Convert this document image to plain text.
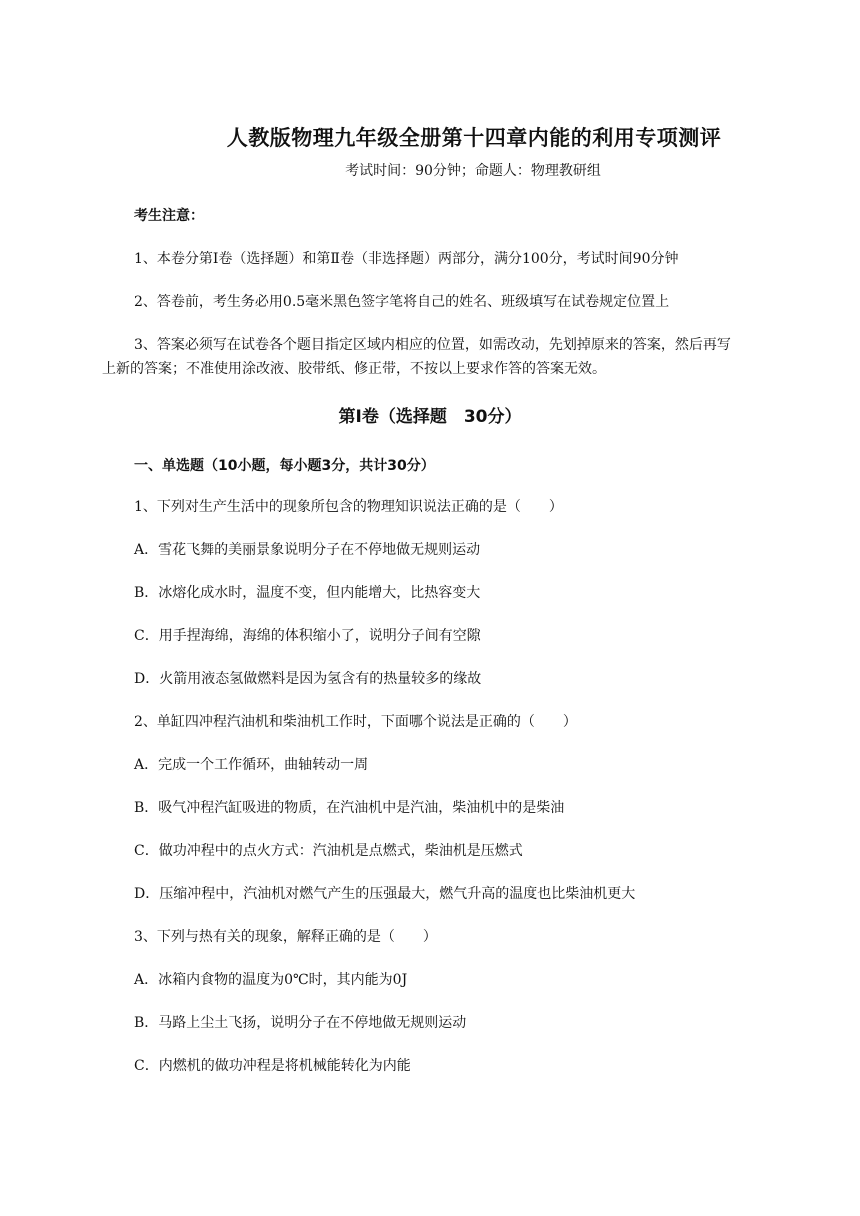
人教版物理九年级全册第十四章内能的利用专项测评
考试时间：90分钟；命题人：物理教研组
考生注意：
1、本卷分第Ⅰ卷（选择题）和第Ⅱ卷（非选择题）两部分，满分100分，考试时间90分钟
2、答卷前，考生务必用0.5毫米黑色签字笔将自己的姓名、班级填写在试卷规定位置上
3、答案必须写在试卷各个题目指定区域内相应的位置，如需改动，先划掉原来的答案，然后再写
上新的答案；不准使用涂改液、胶带纸、修正带，不按以上要求作答的答案无效。
第Ⅰ卷（选择题　30分）
一、单选题（10小题，每小题3分，共计30分）
1、下列对生产生活中的现象所包含的物理知识说法正确的是（　　）
A．雪花飞舞的美丽景象说明分子在不停地做无规则运动
B．冰熔化成水时，温度不变，但内能增大，比热容变大
C．用手捏海绵，海绵的体积缩小了，说明分子间有空隙
D．火箭用液态氢做燃料是因为氢含有的热量较多的缘故
2、单缸四冲程汽油机和柴油机工作时，下面哪个说法是正确的（　　）
A．完成一个工作循环，曲轴转动一周
B．吸气冲程汽缸吸进的物质，在汽油机中是汽油，柴油机中的是柴油
C．做功冲程中的点火方式：汽油机是点燃式，柴油机是压燃式
D．压缩冲程中，汽油机对燃气产生的压强最大，燃气升高的温度也比柴油机更大
3、下列与热有关的现象，解释正确的是（　　）
A．冰箱内食物的温度为0℃时，其内能为0J
B．马路上尘土飞扬，说明分子在不停地做无规则运动
C．内燃机的做功冲程是将机械能转化为内能
